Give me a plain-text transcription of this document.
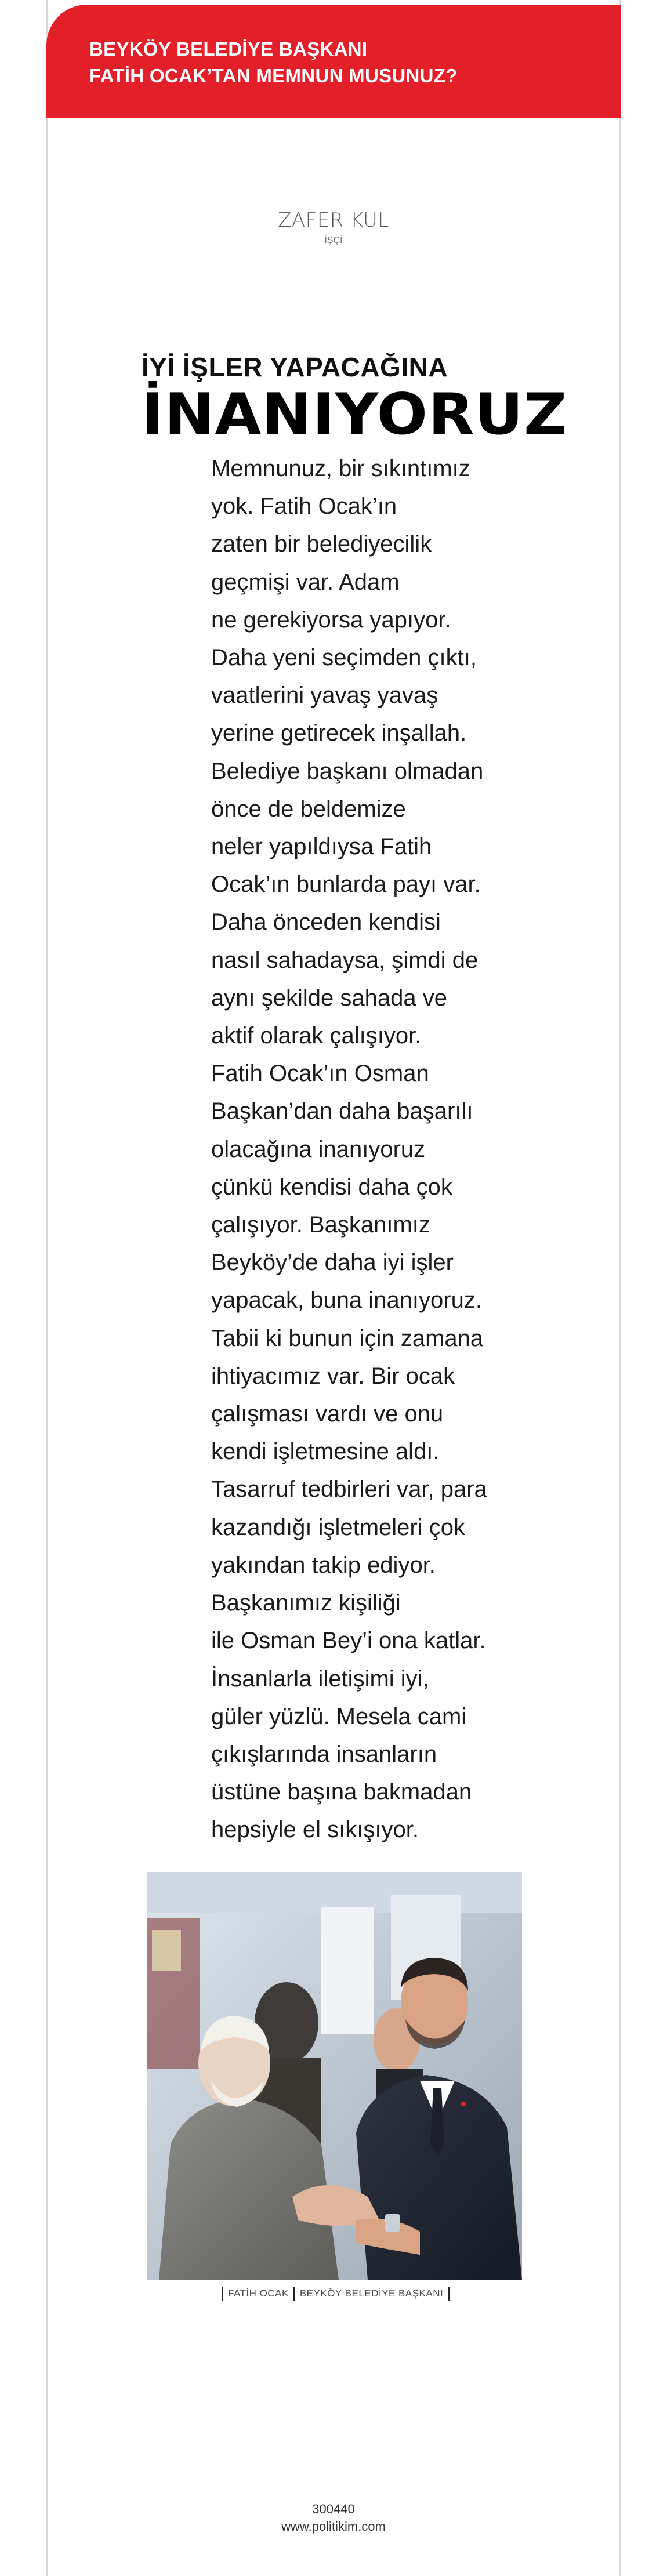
BEYKÖY BELEDİYE BAŞKANI
FATİH OCAK’TAN MEMNUN MUSUNUZ?
ZAFER KUL
İŞÇİ
İYİ İŞLER YAPACAĞINA
İNANIYORUZ
Memnunuz, bir sıkıntımız
yok. Fatih Ocak’ın
zaten bir belediyecilik
geçmişi var. Adam
ne gerekiyorsa yapıyor.
Daha yeni seçimden çıktı,
vaatlerini yavaş yavaş
yerine getirecek inşallah.
Belediye başkanı olmadan
önce de beldemize
neler yapıldıysa Fatih
Ocak’ın bunlarda payı var.
Daha önceden kendisi
nasıl sahadaysa, şimdi de
aynı şekilde sahada ve
aktif olarak çalışıyor.
Fatih Ocak’ın Osman
Başkan’dan daha başarılı
olacağına inanıyoruz
çünkü kendisi daha çok
çalışıyor. Başkanımız
Beyköy’de daha iyi işler
yapacak, buna inanıyoruz.
Tabii ki bunun için zamana
ihtiyacımız var. Bir ocak
çalışması vardı ve onu
kendi işletmesine aldı.
Tasarruf tedbirleri var, para
kazandığı işletmeleri çok
yakından takip ediyor.
Başkanımız kişiliği
ile Osman Bey’i ona katlar.
İnsanlarla iletişimi iyi,
güler yüzlü. Mesela cami
çıkışlarında insanların
üstüne başına bakmadan
hepsiyle el sıkışıyor.
FATİH OCAK BEYKÖY BELEDİYE BAŞKANI
300440
www.politikim.com
